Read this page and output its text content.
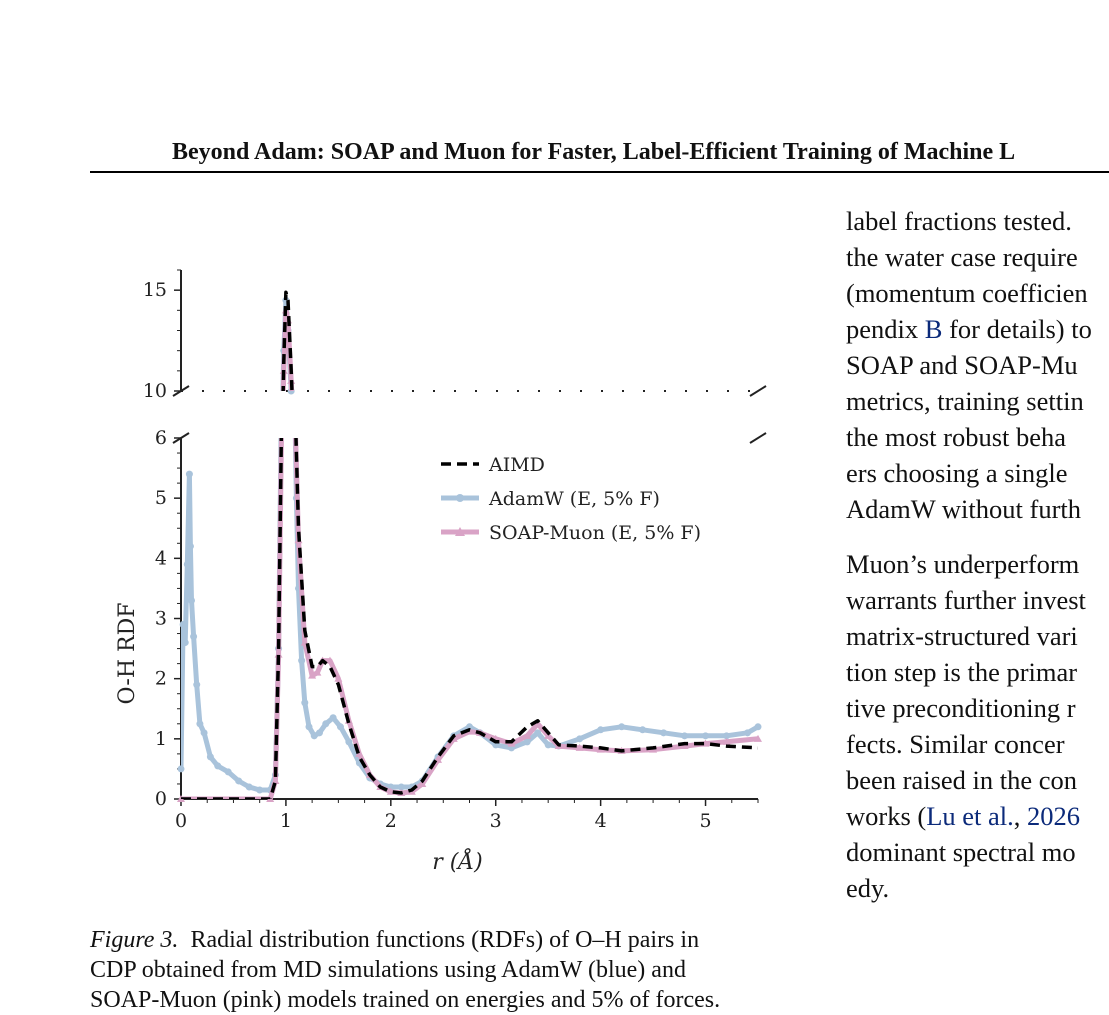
Beyond Adam: SOAP and Muon for Faster, Label-Efficient Training of Machine L
0	1	2	3	4	5
0
1
2
3
4
5
6
10
15
r (Å)
O-H RDF
AIMD
AdamW (E, 5% F)
SOAP-Muon (E, 5% F)
label fractions tested.
the water case require
(momentum coefficien
pendix B for details) to
SOAP and SOAP-Mu
metrics, training settin
the most robust beha
ers choosing a single
AdamW without furth
Muon’s underperform
warrants further invest
matrix-structured vari
tion step is the primar
tive preconditioning r
fects. Similar concer
been raised in the con
works (Lu et al., 2026
dominant spectral mo
edy.
Figure 3. Radial distribution functions (RDFs) of O–H pairs in
CDP obtained from MD simulations using AdamW (blue) and
SOAP-Muon (pink) models trained on energies and 5% of forces.
